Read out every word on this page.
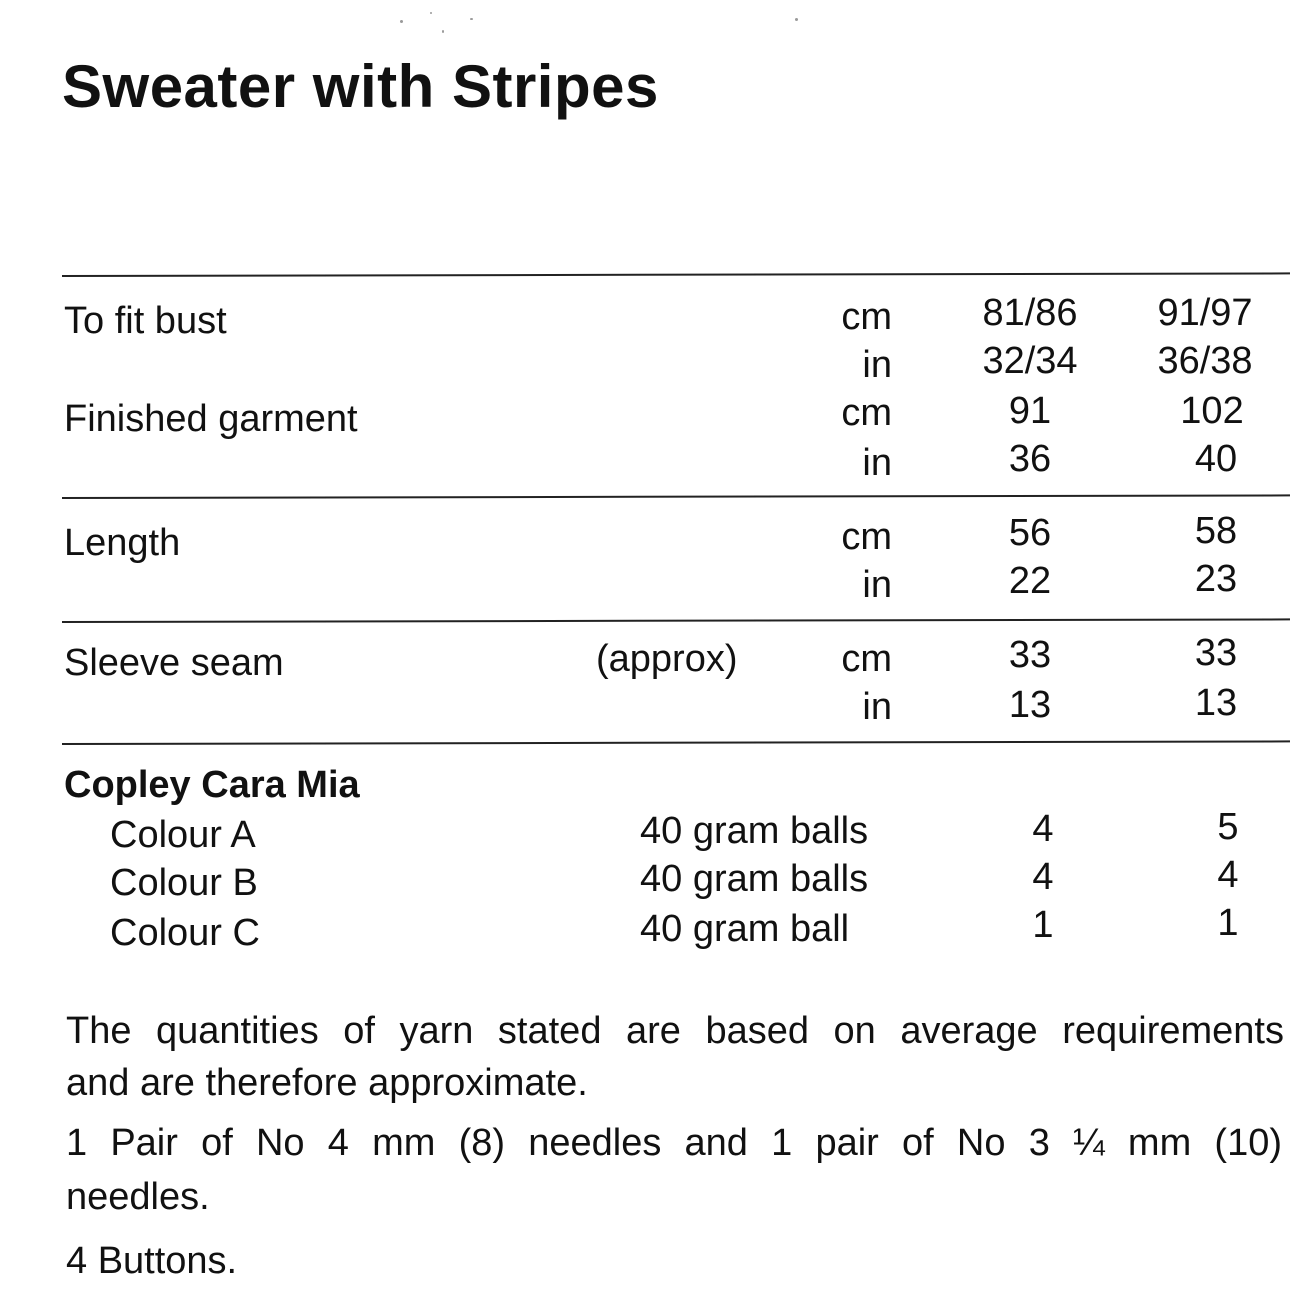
Sweater with Stripes
To fit bust	cm	81/86	91/97
in	32/34	36/38
Finished garment	cm	91	102
in	36	40
Length	cm	56	58
in	22	23
Sleeve seam	(approx)	cm	33	33
in	13	13
Copley Cara Mia
Colour A	40 gram balls	4	5
Colour B	40 gram balls	4	4
Colour C	40 gram ball	1	1

The quantities of yarn stated are based on average requirements

and are therefore approximate.

1 Pair of No 4 mm (8) needles and 1 pair of No 3 ¼ mm (10)

needles.

4 Buttons.
